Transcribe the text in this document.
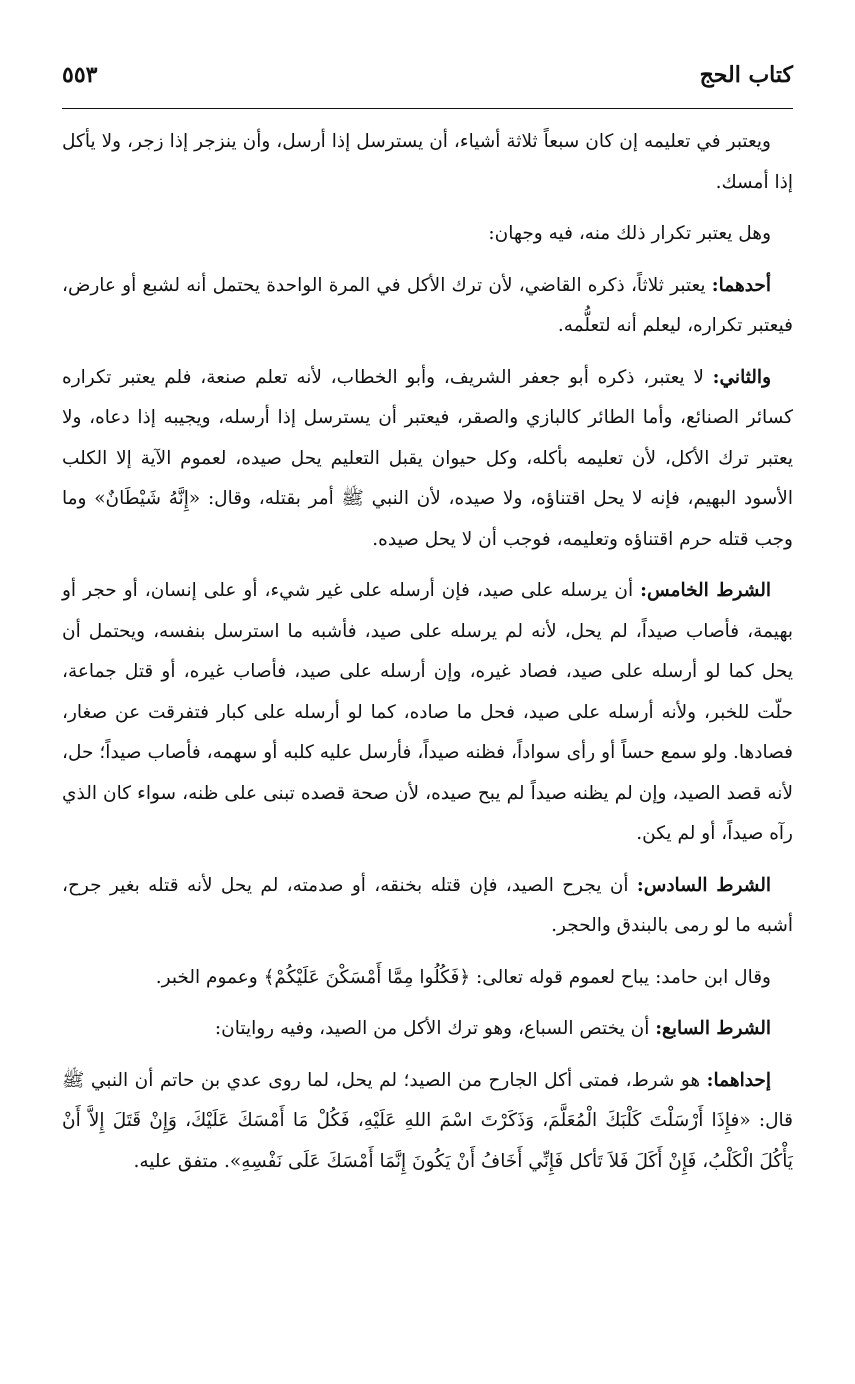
كتاب الحج
٥٥٣

ويعتبر في تعليمه إن كان سبعاً ثلاثة أشياء، أن يسترسل إذا أرسل، وأن ينزجر إذا زجر، ولا يأكل إذا أمسك.

وهل يعتبر تكرار ذلك منه، فيه وجهان:

أحدهما: يعتبر ثلاثاً، ذكره القاضي، لأن ترك الأكل في المرة الواحدة يحتمل أنه لشبع أو عارض، فيعتبر تكراره، ليعلم أنه لتعلُّمه.

والثاني: لا يعتبر، ذكره أبو جعفر الشريف، وأبو الخطاب، لأنه تعلم صنعة، فلم يعتبر تكراره كسائر الصنائع، وأما الطائر كالبازي والصقر، فيعتبر أن يسترسل إذا أرسله، ويجيبه إذا دعاه، ولا يعتبر ترك الأكل، لأن تعليمه بأكله، وكل حيوان يقبل التعليم يحل صيده، لعموم الآية إلا الكلب الأسود البهيم، فإنه لا يحل اقتناؤه، ولا صيده، لأن النبي ﷺ أمر بقتله، وقال: «إِنَّهُ شَيْطَانٌ» وما وجب قتله حرم اقتناؤه وتعليمه، فوجب أن لا يحل صيده.

الشرط الخامس: أن يرسله على صيد، فإن أرسله على غير شيء، أو على إنسان، أو حجر أو بهيمة، فأصاب صيداً، لم يحل، لأنه لم يرسله على صيد، فأشبه ما استرسل بنفسه، ويحتمل أن يحل كما لو أرسله على صيد، فصاد غيره، وإن أرسله على صيد، فأصاب غيره، أو قتل جماعة، حلّت للخبر، ولأنه أرسله على صيد، فحل ما صاده، كما لو أرسله على كبار فتفرقت عن صغار، فصادها. ولو سمع حساً أو رأى سواداً، فظنه صيداً، فأرسل عليه كلبه أو سهمه، فأصاب صيداً؛ حل، لأنه قصد الصيد، وإن لم يظنه صيداً لم يبح صيده، لأن صحة قصده تبنى على ظنه، سواء كان الذي رآه صيداً، أو لم يكن.

الشرط السادس: أن يجرح الصيد، فإن قتله بخنقه، أو صدمته، لم يحل لأنه قتله بغير جرح، أشبه ما لو رمى بالبندق والحجر.

وقال ابن حامد: يباح لعموم قوله تعالى: ﴿فَكُلُوا مِمَّا أَمْسَكْنَ عَلَيْكُمْ﴾ وعموم الخبر.

الشرط السابع: أن يختص السباع، وهو ترك الأكل من الصيد، وفيه روايتان:

إحداهما: هو شرط، فمتى أكل الجارح من الصيد؛ لم يحل، لما روى عدي بن حاتم أن النبي ﷺ قال: «فإِذَا أَرْسَلْتَ كَلْبَكَ الْمُعَلَّمَ، وَذَكَرْتَ اسْمَ اللهِ عَلَيْهِ، فَكُلْ مَا أَمْسَكَ عَلَيْكَ، وَإِنْ قَتَلَ إِلاَّ أَنْ يَأْكُلَ الْكَلْبُ، فَإِنْ أَكَلَ فَلاَ تَأكل فَإِنِّي أَخَافُ أَنْ يَكُونَ إِنَّمَا أَمْسَكَ عَلَى نَفْسِهِ». متفق عليه.
